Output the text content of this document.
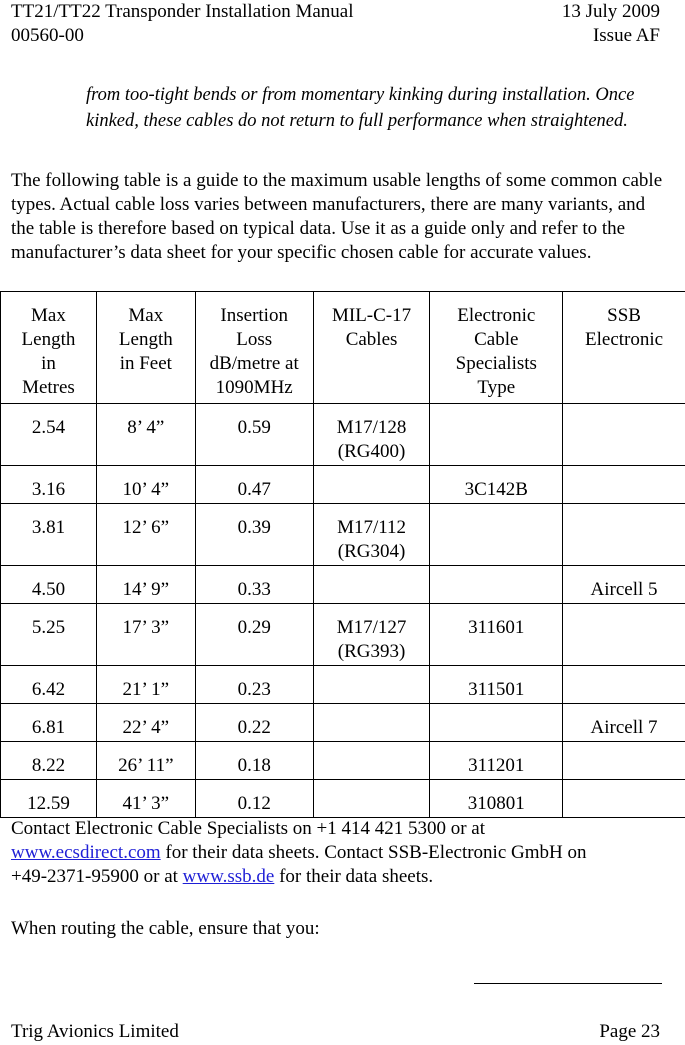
TT21/TT22 Transponder Installation Manual	13 July 2009
00560-00	Issue AF
from too-tight bends or from momentary kinking during installation. Once kinked, these cables do not return to full performance when straightened.
The following table is a guide to the maximum usable lengths of some common cable types. Actual cable loss varies between manufacturers, there are many variants, and the table is therefore based on typical data. Use it as a guide only and refer to the manufacturer’s data sheet for your specific chosen cable for accurate values.
Max
Length
in
Metres	Max
Length
in Feet	Insertion
Loss
dB/metre at
1090MHz	MIL-C-17
Cables	Electronic
Cable
Specialists
Type	SSB
Electronic
2.54	8’ 4”	0.59	M17/128
(RG400)		
3.16	10’ 4”	0.47		3C142B	
3.81	12’ 6”	0.39	M17/112
(RG304)		
4.50	14’ 9”	0.33			Aircell 5
5.25	17’ 3”	0.29	M17/127
(RG393)	311601	
6.42	21’ 1”	0.23		311501	
6.81	22’ 4”	0.22			Aircell 7
8.22	26’ 11”	0.18		311201	
12.59	41’ 3”	0.12		310801	
Contact Electronic Cable Specialists on +1 414 421 5300 or at
www.ecsdirect.com for their data sheets. Contact SSB-Electronic GmbH on
+49-2371-95900 or at www.ssb.de for their data sheets.
When routing the cable, ensure that you:
Trig Avionics Limited	Page 23
